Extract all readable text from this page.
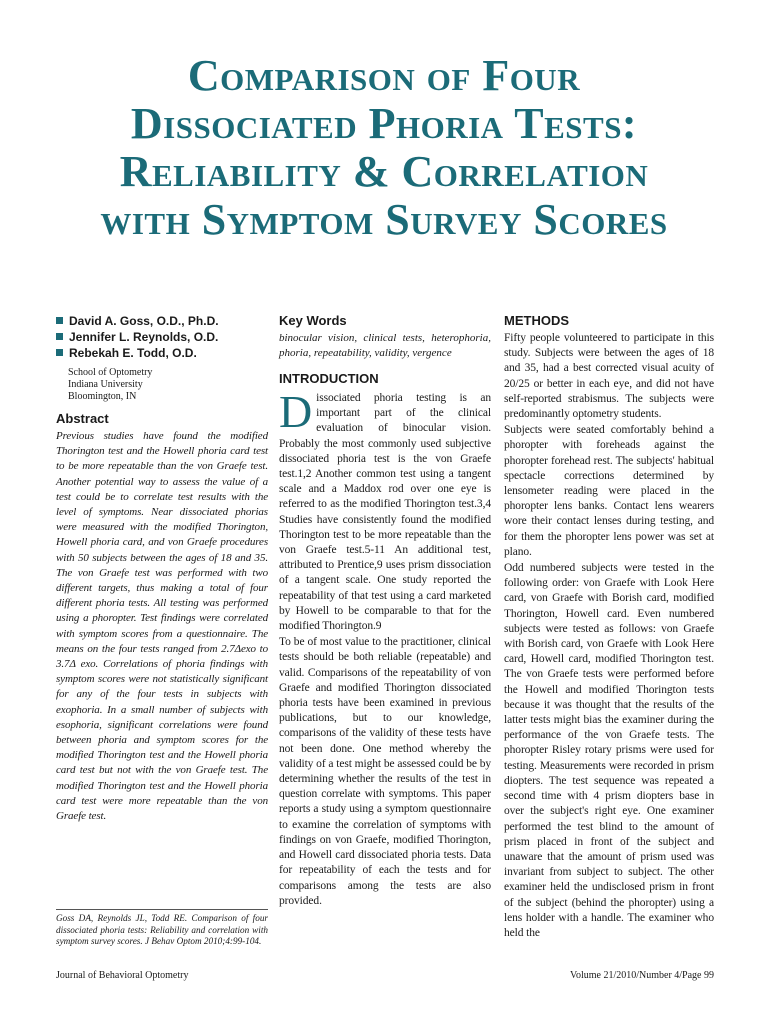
Comparison of Four
Dissociated Phoria Tests:
Reliability & Correlation
with Symptom Survey Scores
David A. Goss, O.D., Ph.D.
Jennifer L. Reynolds, O.D.
Rebekah E. Todd, O.D.
School of Optometry
Indiana University
Bloomington, IN
Abstract

Previous studies have found the modified Thorington test and the Howell phoria card test to be more repeatable than the von Graefe test. Another potential way to assess the value of a test could be to correlate test results with the level of symptoms. Near dissociated phorias were measured with the modified Thorington, Howell phoria card, and von Graefe procedures with 50 subjects between the ages of 18 and 35. The von Graefe test was performed with two different targets, thus making a total of four different phoria tests. All testing was performed using a phoropter. Test findings were correlated with symptom scores from a questionnaire. The means on the four tests ranged from 2.7Δexo to 3.7Δ exo. Correlations of phoria findings with symptom scores were not statistically significant for any of the four tests in subjects with exophoria. In a small number of subjects with esophoria, significant correlations were found between phoria and symptom scores for the modified Thorington test and the Howell phoria card test but not with the von Graefe test. The modified Thorington test and the Howell phoria card test were more repeatable than the von Graefe test.

Goss DA, Reynolds JL, Todd RE. Comparison of four dissociated phoria tests: Reliability and correlation with symptom survey scores. J Behav Optom 2010;4:99-104.
Key Words

binocular vision, clinical tests, heterophoria, phoria, repeatability, validity, vergence

INTRODUCTION

Dissociated phoria testing is an important part of the clinical evaluation of binocular vision. Probably the most commonly used subjective dissociated phoria test is the von Graefe test.1,2 Another common test using a tangent scale and a Maddox rod over one eye is referred to as the modified Thorington test.3,4 Studies have consistently found the modified Thorington test to be more repeatable than the von Graefe test.5-11 An additional test, attributed to Prentice,9 uses prism dissociation of a tangent scale. One study reported the repeatability of that test using a card marketed by Howell to be comparable to that for the modified Thorington.9

To be of most value to the practitioner, clinical tests should be both reliable (repeatable) and valid. Comparisons of the repeatability of von Graefe and modified Thorington dissociated phoria tests have been examined in previous publications, but to our knowledge, comparisons of the validity of these tests have not been done. One method whereby the validity of a test might be assessed could be by determining whether the results of the test in question correlate with symptoms. This paper reports a study using a symptom questionnaire to examine the correlation of symptoms with findings on von Graefe, modified Thorington, and Howell card dissociated phoria tests. Data for repeatability of each the tests and for comparisons among the tests are also provided.

METHODS

Fifty people volunteered to participate in this study. Subjects were between the ages of 18 and 35, had a best corrected visual acuity of 20/25 or better in each eye, and did not have self-reported strabismus. The subjects were predominantly optometry students.

Subjects were seated comfortably behind a phoropter with foreheads against the phoropter forehead rest. The subjects' habitual spectacle corrections determined by lensometer reading were placed in the phoropter lens banks. Contact lens wearers wore their contact lenses during testing, and for them the phoropter lens power was set at plano.

Odd numbered subjects were tested in the following order: von Graefe with Look Here card, von Graefe with Borish card, modified Thorington, Howell card. Even numbered subjects were tested as follows: von Graefe with Borish card, von Graefe with Look Here card, Howell card, modified Thorington test. The von Graefe tests were performed before the Howell and modified Thorington tests because it was thought that the results of the latter tests might bias the examiner during the performance of the von Graefe tests. The phoropter Risley rotary prisms were used for testing. Measurements were recorded in prism diopters. The test sequence was repeated a second time with 4 prism diopters base in over the subject's right eye. One examiner performed the test blind to the amount of prism placed in front of the subject and unaware that the amount of prism used was invariant from subject to subject. The other examiner held the undisclosed prism in front of the subject (behind the phoropter) using a lens holder with a handle. The examiner who held the

Journal of Behavioral Optometry	Volume 21/2010/Number 4/Page 99
